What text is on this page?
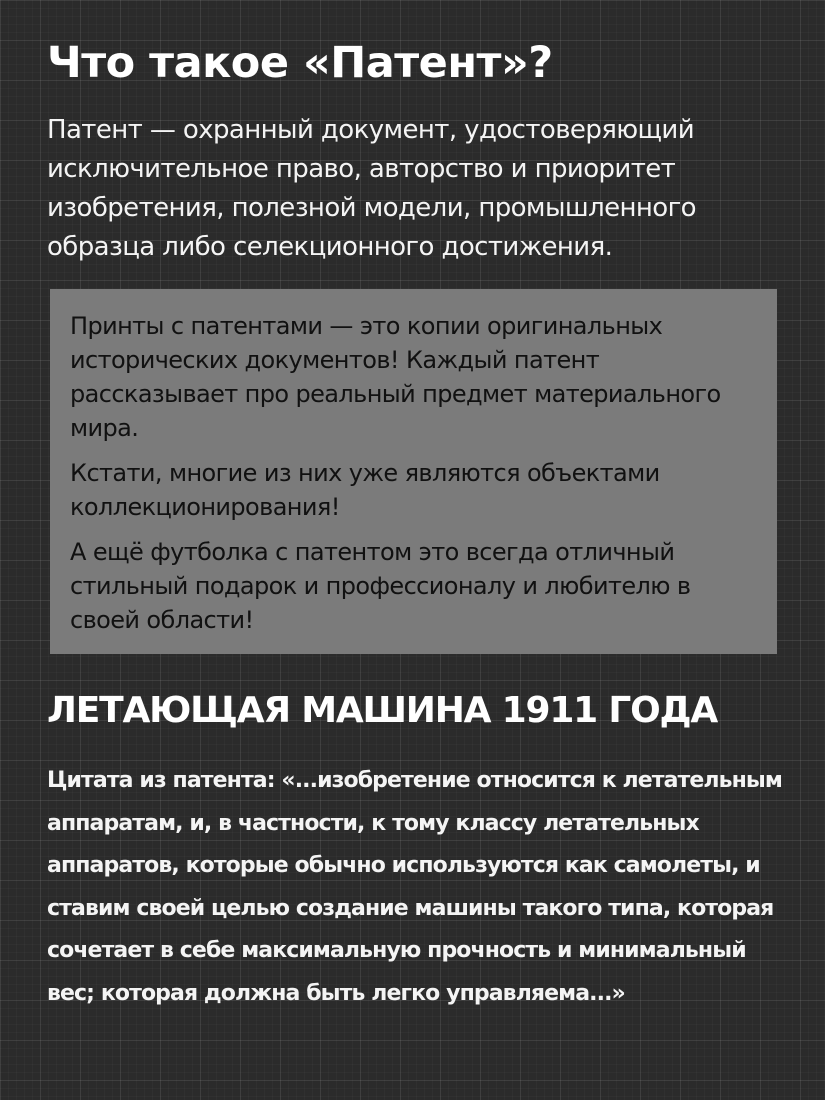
Что такое «Патент»?

Патент — охранный документ, удостоверяющий исключительное право, авторство и приоритет изобретения, полезной модели, промышленного образца либо селекционного достижения.

Принты с патентами — это копии оригинальных исторических документов! Каждый патент рассказывает про реальный предмет материального мира.

Кстати, многие из них уже являются объектами коллекционирования!

А ещё футболка с патентом это всегда отличный стильный подарок и профессионалу и любителю в своей области!

ЛЕТАЮЩАЯ МАШИНА 1911 ГОДА

Цитата из патента: «...изобретение относится к летательным аппаратам, и, в частности, к тому классу летательных аппаратов, которые обычно используются как самолеты, и ставим своей целью создание машины такого типа, которая сочетает в себе максимальную прочность и минимальный вес; которая должна быть легко управляема...»
